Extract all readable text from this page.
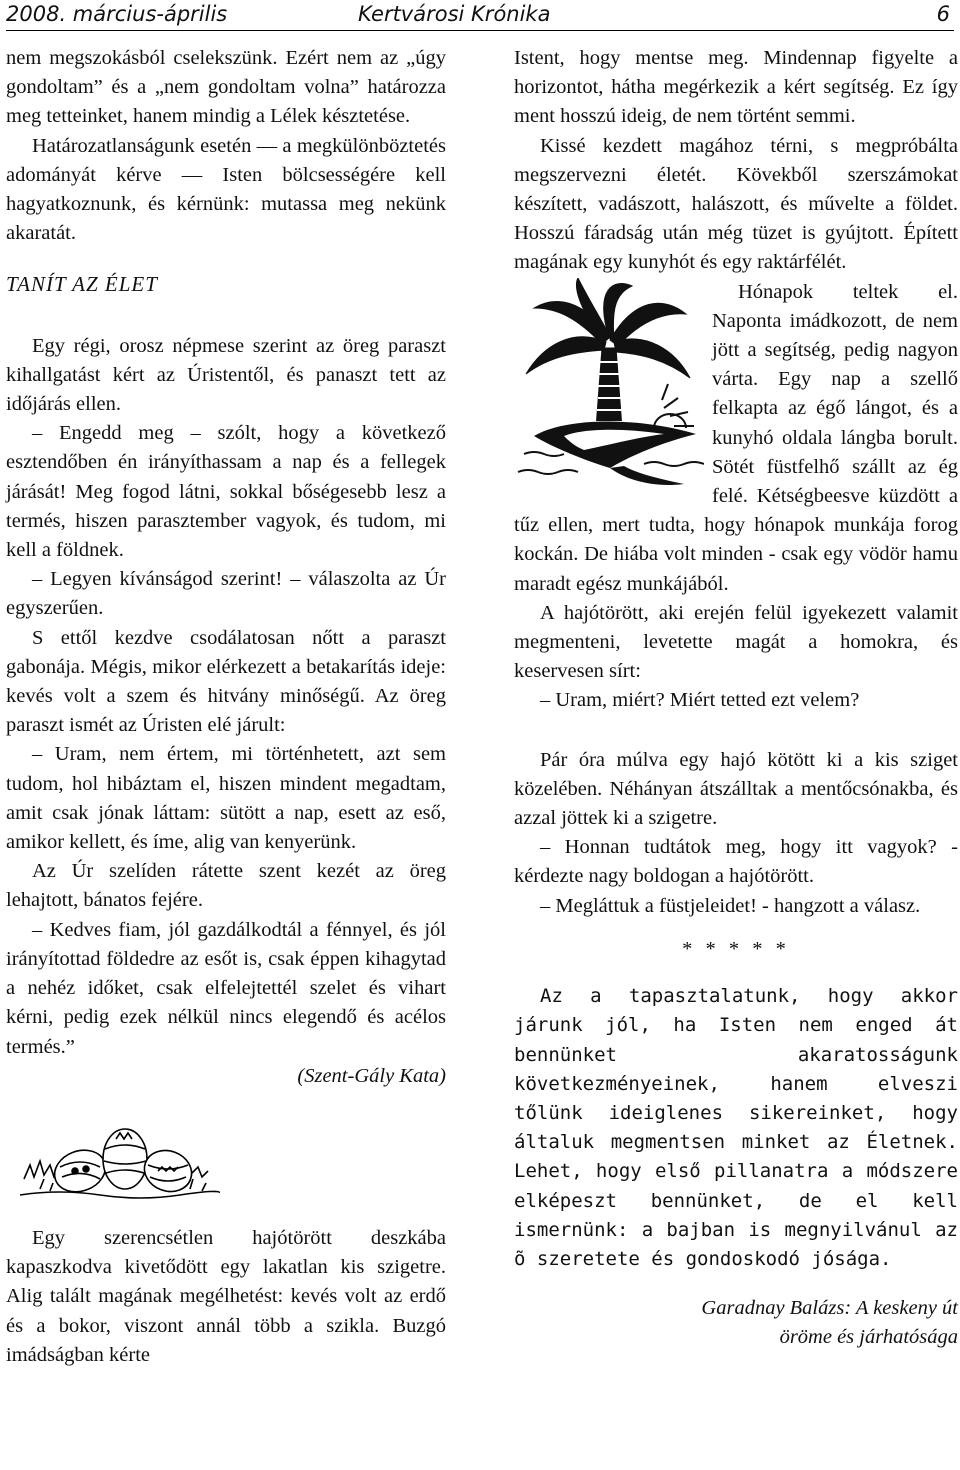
2008. március-április	Kertvárosi Krónika	6

nem megszokásból cselekszünk. Ezért nem az „úgy gondoltam” és a „nem gondoltam volna” határozza meg tetteinket, hanem mindig a Lélek késztetése.

Határozatlanságunk esetén — a megkülönböztetés adományát kérve — Isten bölcsességére kell hagyatkoznunk, és kérnünk: mutassa meg nekünk akaratát.

TANÍT AZ ÉLET

Egy régi, orosz népmese szerint az öreg paraszt kihallgatást kért az Úristentől, és panaszt tett az időjárás ellen.

– Engedd meg – szólt, hogy a következő esztendőben én irányíthassam a nap és a fellegek járását! Meg fogod látni, sokkal bőségesebb lesz a termés, hiszen parasztember vagyok, és tudom, mi kell a földnek.

– Legyen kívánságod szerint! – válaszolta az Úr egyszerűen.

S ettől kezdve csodálatosan nőtt a paraszt gabonája. Mégis, mikor elérkezett a betakarítás ideje: kevés volt a szem és hitvány minőségű. Az öreg paraszt ismét az Úristen elé járult:

– Uram, nem értem, mi történhetett, azt sem tudom, hol hibáztam el, hiszen mindent megadtam, amit csak jónak láttam: sütött a nap, esett az eső, amikor kellett, és íme, alig van kenyerünk.

Az Úr szelíden rátette szent kezét az öreg lehajtott, bánatos fejére.

– Kedves fiam, jól gazdálkodtál a fénnyel, és jól irányítottad földedre az esőt is, csak éppen kihagytad a nehéz időket, csak elfelejtettél szelet és vihart kérni, pedig ezek nélkül nincs elegendő és acélos termés.”

(Szent-Gály Kata)

Egy szerencsétlen hajótörött deszkába kapaszkodva kivetődött egy lakatlan kis szigetre. Alig talált magának megélhetést: kevés volt az erdő és a bokor, viszont annál több a szikla. Buzgó imádságban kérte

Istent, hogy mentse meg. Mindennap figyelte a horizontot, hátha megérkezik a kért segítség. Ez így ment hosszú ideig, de nem történt semmi.

Kissé kezdett magához térni, s megpróbálta megszervezni életét. Kövekből szerszámokat készített, vadászott, halászott, és művelte a földet. Hosszú fáradság után még tüzet is gyújtott. Épített magának egy kunyhót és egy raktárfélét.

Hónapok teltek el. Naponta imádkozott, de nem jött a segítség, pedig nagyon várta. Egy nap a szellő felkapta az égő lángot, és a kunyhó oldala lángba borult. Sötét füstfelhő szállt az ég felé. Kétségbeesve küzdött a tűz ellen, mert tudta, hogy hónapok munkája forog kockán. De hiába volt minden - csak egy vödör hamu maradt egész munkájából.

A hajótörött, aki erején felül igyekezett valamit megmenteni, levetette magát a homokra, és keservesen sírt:

– Uram, miért? Miért tetted ezt velem?

Pár óra múlva egy hajó kötött ki a kis sziget közelében. Néhányan átszálltak a mentőcsónakba, és azzal jöttek ki a szigetre.

– Honnan tudtátok meg, hogy itt vagyok? - kérdezte nagy boldogan a hajótörött.

– Megláttuk a füstjeleidet! - hangzott a válasz.

* * * * *

Az a tapasztalatunk, hogy akkor járunk jól, ha Isten nem enged át bennünket akaratosságunk következményeinek, hanem elveszi tőlünk ideiglenes sikereinket, hogy általuk megmentsen minket az Életnek. Lehet, hogy első pillanatra a módszere elképeszt bennünket, de el kell ismernünk: a bajban is megnyilvánul az õ szeretete és gondoskodó jósága.

Garadnay Balázs: A keskeny út
öröme és járhatósága
